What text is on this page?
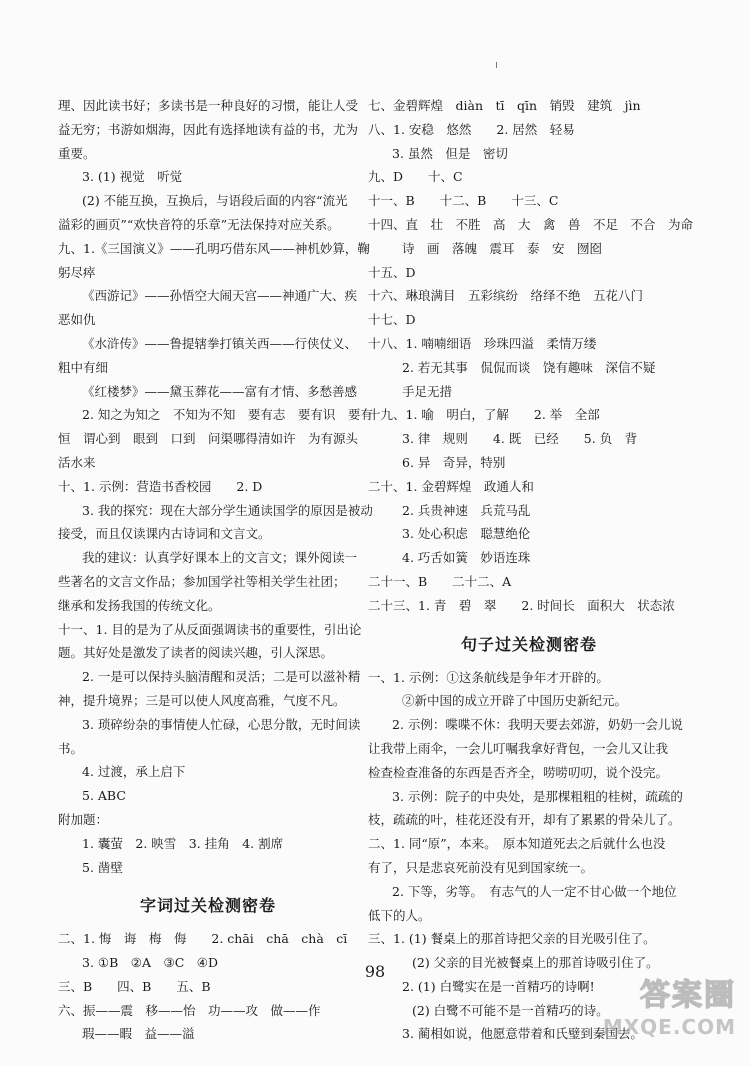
理、因此读书好；多读书是一种良好的习惯，能让人受
益无穷；书游如烟海，因此有选择地读有益的书，尤为
重要。
3. (1) 视觉　听觉
(2) 不能互换，互换后，与语段后面的内容“流光
溢彩的画页”“欢快音符的乐章”无法保持对应关系。
九、1.《三国演义》——孔明巧借东风——神机妙算，鞠
躬尽瘁
《西游记》——孙悟空大闹天宫——神通广大、疾
恶如仇
《水浒传》——鲁提辖拳打镇关西——行侠仗义、
粗中有细
《红楼梦》——黛玉葬花——富有才情、多愁善感
2. 知之为知之　不知为不知　要有志　要有识　要有
恒　谓心到　眼到　口到　问渠哪得清如许　为有源头
活水来
十、1. 示例：营造书香校园　　2. D
3. 我的探究：现在大部分学生通读国学的原因是被动
接受，而且仅读课内古诗词和文言文。
我的建议：认真学好课本上的文言文；课外阅读一
些著名的文言文作品；参加国学社等相关学生社团；
继承和发扬我国的传统文化。
十一、1. 目的是为了从反面强调读书的重要性，引出论
题。其好处是激发了读者的阅读兴趣，引人深思。
2. 一是可以保持头脑清醒和灵活；二是可以滋补精
神，提升境界；三是可以使人风度高雅，气度不凡。
3. 琐碎纷杂的事情使人忙碌，心思分散，无时间读
书。
4. 过渡，承上启下
5. ABC
附加题：
1. 囊萤　2. 映雪　3. 挂角　4. 割席
5. 凿壁
字词过关检测密卷
二、1. 悔　诲　梅　侮　　2. chāi　chā　chà　cī
3. ①B　②A　③C　④D
三、B　　四、B　　五、B
六、振——震　移——怡　功——攻　做——作
瑕——暇　益——溢
七、金碧辉煌　diàn　tī　qīn　销毁　建筑　jìn
八、1. 安稳　悠然　　2. 居然　轻易
3. 虽然　但是　密切
九、D　　十、C
十一、B　　十二、B　　十三、C
十四、直　壮　不胜　高　大　禽　兽　不足　不合　为命
诗　画　落魄　震耳　泰　安　囫囵
十五、D
十六、琳琅满目　五彩缤纷　络绎不绝　五花八门
十七、D
十八、1. 喃喃细语　珍珠四溢　柔情万缕
2. 若无其事　侃侃而谈　饶有趣味　深信不疑
手足无措
十九、1. 喻　明白，了解　　2. 举　全部
3. 律　规则　　4. 既　已经　　5. 负　背
6. 异　奇异，特别
二十、1. 金碧辉煌　政通人和
2. 兵贵神速　兵荒马乱
3. 处心积虑　聪慧绝伦
4. 巧舌如簧　妙语连珠
二十一、B　　二十二、A
二十三、1. 青　碧　翠　　2. 时间长　面积大　状态浓
句子过关检测密卷
一、1. 示例：①这条航线是争年才开辟的。
②新中国的成立开辟了中国历史新纪元。
2. 示例：喋喋不休：我明天要去郊游，奶奶一会儿说
让我带上雨伞，一会儿叮嘱我拿好背包，一会儿又让我
检查检查准备的东西是否齐全，唠唠叨叨，说个没完。
3. 示例：院子的中央处，是那棵粗粗的桂树，疏疏的
枝，疏疏的叶，桂花还没有开，却有了累累的骨朵儿了。
二、1. 同“原”，本来。　原本知道死去之后就什么也没
有了，只是悲哀死前没有见到国家统一。
2. 下等，劣等。　有志气的人一定不甘心做一个地位
低下的人。
三、1. (1) 餐桌上的那首诗把父亲的目光吸引住了。
(2) 父亲的目光被餐桌上的那首诗吸引住了。
2. (1) 白鹭实在是一首精巧的诗啊!
(2) 白鹭不可能不是一首精巧的诗。
3. 蔺相如说，他愿意带着和氏璧到秦国去。
98
答案圈
MXQE.COM
